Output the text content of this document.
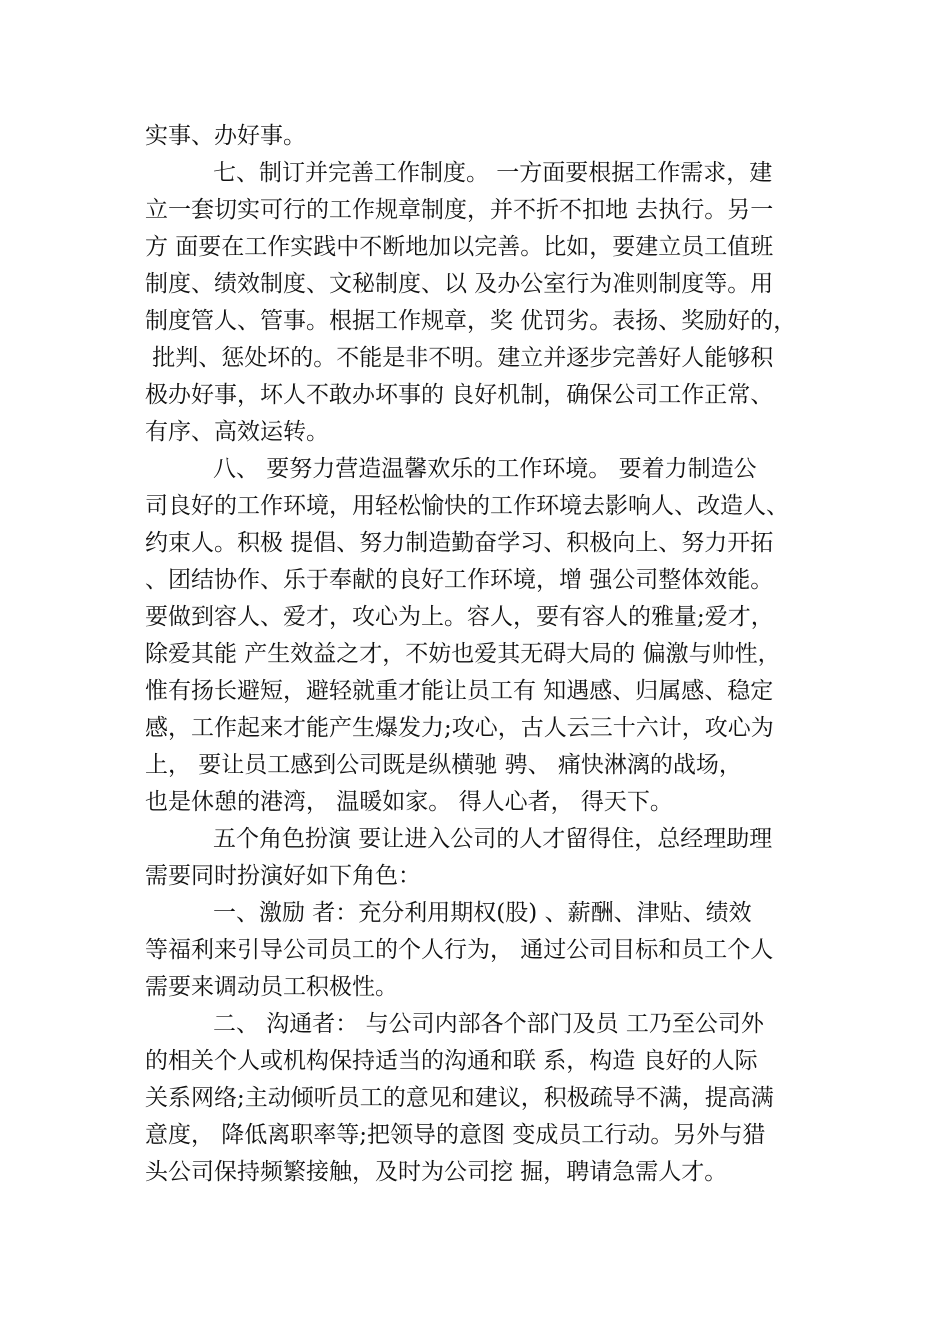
实事、办好事。

七、制订并完善工作制度。 一方面要根据工作需求，建

立一套切实可行的工作规章制度，并不折不扣地 去执行。另一

方 面要在工作实践中不断地加以完善。比如，要建立员工值班

制度、绩效制度、文秘制度、以 及办公室行为准则制度等。用

制度管人、管事。根据工作规章，奖 优罚劣。表扬、奖励好的，

批判、惩处坏的。不能是非不明。建立并逐步完善好人能够积

极办好事，坏人不敢办坏事的 良好机制，确保公司工作正常、

有序、高效运转。

八、 要努力营造温馨欢乐的工作环境。 要着力制造公

司良好的工作环境，用轻松愉快的工作环境去影响人、改造人、

约束人。积极 提倡、努力制造勤奋学习、积极向上、努力开拓

、团结协作、乐于奉献的良好工作环境，增 强公司整体效能。

要做到容人、爱才，攻心为上。容人，要有容人的雅量;爱才，

除爱其能 产生效益之才，不妨也爱其无碍大局的 偏激与帅性，

惟有扬长避短，避轻就重才能让员工有 知遇感、归属感、稳定

感，工作起来才能产生爆发力;攻心，古人云三十六计，攻心为

上， 要让员工感到公司既是纵横驰 骋、 痛快淋漓的战场，

也是休憩的港湾， 温暖如家。 得人心者， 得天下。

五个角色扮演 要让进入公司的人才留得住，总经理助理

需要同时扮演好如下角色：

一、激励 者：充分利用期权(股) 、薪酬、津贴、绩效

等福利来引导公司员工的个人行为， 通过公司目标和员工个人

需要来调动员工积极性。

二、 沟通者： 与公司内部各个部门及员 工乃至公司外

的相关个人或机构保持适当的沟通和联 系，构造 良好的人际

关系网络;主动倾听员工的意见和建议，积极疏导不满，提高满

意度， 降低离职率等;把领导的意图 变成员工行动。另外与猎

头公司保持频繁接触，及时为公司挖 掘，聘请急需人才。
